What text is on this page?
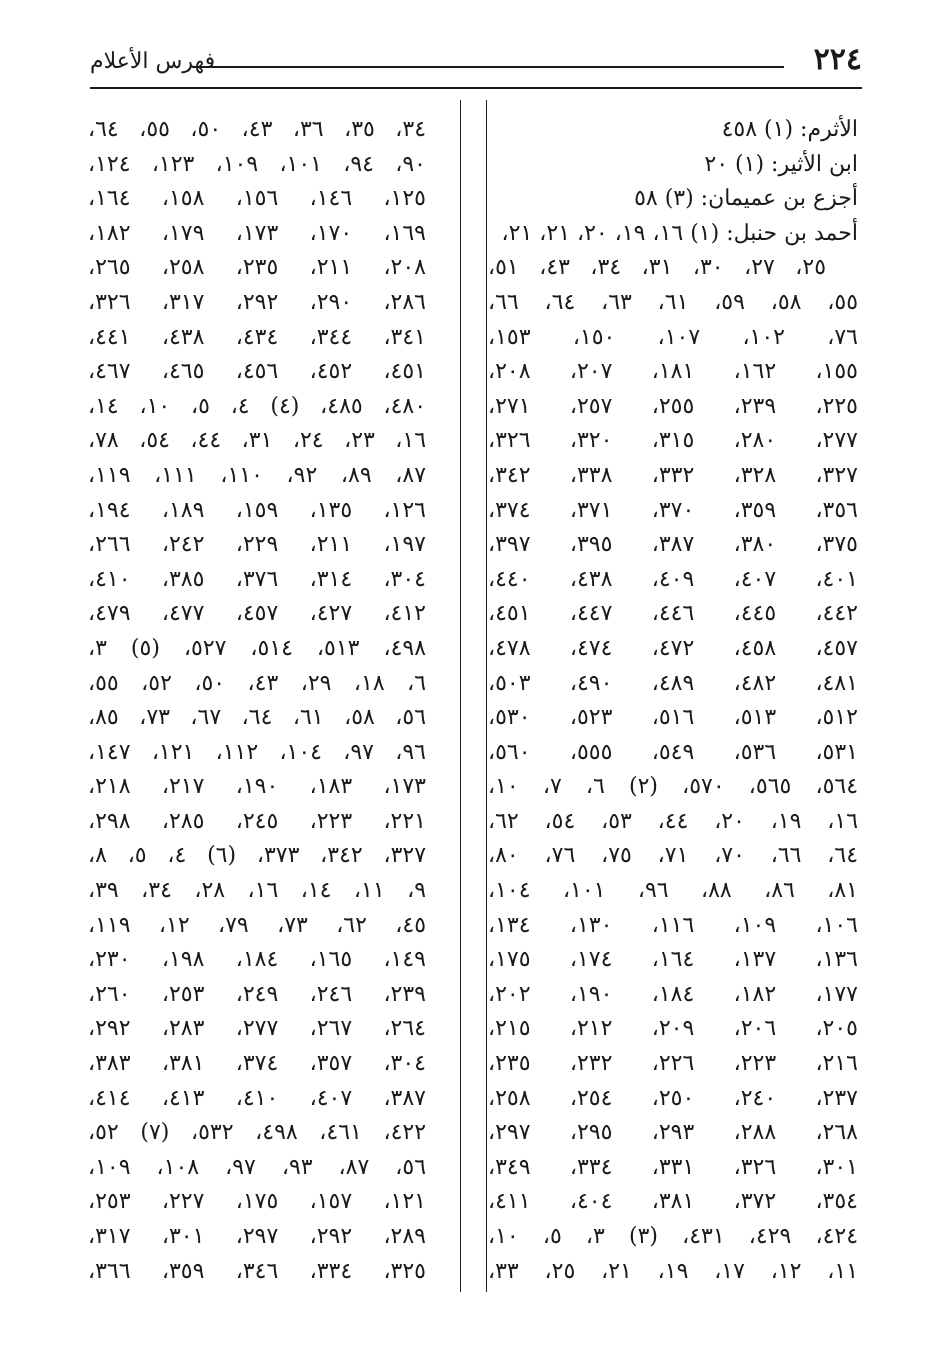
٢٢٤
فهرس الأعلام
الأثرم: (١) ٤٥٨
ابن الأثير: (١) ٢٠
أجزع بن عميمان: (٣) ٥٨
أحمد بن حنبل: (١) ١٦، ١٩، ٢٠، ٢١، ٢١،
٢٥، ٢٧، ٣٠، ٣١، ٣٤، ٤٣، ٥١،
٥٥، ٥٨، ٥٩، ٦١، ٦٣، ٦٤، ٦٦،
٧٦، ١٠٢، ١٠٧، ١٥٠، ١٥٣،
١٥٥، ١٦٢، ١٨١، ٢٠٧، ٢٠٨،
٢٢٥، ٢٣٩، ٢٥٥، ٢٥٧، ٢٧١،
٢٧٧، ٢٨٠، ٣١٥، ٣٢٠، ٣٢٦،
٣٢٧، ٣٢٨، ٣٣٢، ٣٣٨، ٣٤٢،
٣٥٦، ٣٥٩، ٣٧٠، ٣٧١، ٣٧٤،
٣٧٥، ٣٨٠، ٣٨٧، ٣٩٥، ٣٩٧،
٤٠١، ٤٠٧، ٤٠٩، ٤٣٨، ٤٤٠،
٤٤٢، ٤٤٥، ٤٤٦، ٤٤٧، ٤٥١،
٤٥٧، ٤٥٨، ٤٧٢، ٤٧٤، ٤٧٨،
٤٨١، ٤٨٢، ٤٨٩، ٤٩٠، ٥٠٣،
٥١٢، ٥١٣، ٥١٦، ٥٢٣، ٥٣٠،
٥٣١، ٥٣٦، ٥٤٩، ٥٥٥، ٥٦٠،
٥٦٤، ٥٦٥، ٥٧٠، (٢) ٦، ٧، ١٠،
١٦، ١٩، ٢٠، ٤٤، ٥٣، ٥٤، ٦٢،
٦٤، ٦٦، ٧٠، ٧١، ٧٥، ٧٦، ٨٠،
٨١، ٨٦، ٨٨، ٩٦، ١٠١، ١٠٤،
١٠٦، ١٠٩، ١١٦، ١٣٠، ١٣٤،
١٣٦، ١٣٧، ١٦٤، ١٧٤، ١٧٥،
١٧٧، ١٨٢، ١٨٤، ١٩٠، ٢٠٢،
٢٠٥، ٢٠٦، ٢٠٩، ٢١٢، ٢١٥،
٢١٦، ٢٢٣، ٢٢٦، ٢٣٢، ٢٣٥،
٢٣٧، ٢٤٠، ٢٥٠، ٢٥٤، ٢٥٨،
٢٦٨، ٢٨٨، ٢٩٣، ٢٩٥، ٢٩٧،
٣٠١، ٣٢٦، ٣٣١، ٣٣٤، ٣٤٩،
٣٥٤، ٣٧٢، ٣٨١، ٤٠٤، ٤١١،
٤٢٤، ٤٢٩، ٤٣١، (٣) ٣، ٥، ١٠،
١١، ١٢، ١٧، ١٩، ٢١، ٢٥، ٣٣،
٣٤، ٣٥، ٣٦، ٤٣، ٥٠، ٥٥، ٦٤،
٩٠، ٩٤، ١٠١، ١٠٩، ١٢٣، ١٢٤،
١٢٥، ١٤٦، ١٥٦، ١٥٨، ١٦٤،
١٦٩، ١٧٠، ١٧٣، ١٧٩، ١٨٢،
٢٠٨، ٢١١، ٢٣٥، ٢٥٨، ٢٦٥،
٢٨٦، ٢٩٠، ٢٩٢، ٣١٧، ٣٢٦،
٣٤١، ٣٤٤، ٤٣٤، ٤٣٨، ٤٤١،
٤٥١، ٤٥٢، ٤٥٦، ٤٦٥، ٤٦٧،
٤٨٠، ٤٨٥، (٤) ٤، ٥، ١٠، ١٤،
١٦، ٢٣، ٢٤، ٣١، ٤٤، ٥٤، ٧٨،
٨٧، ٨٩، ٩٢، ١١٠، ١١١، ١١٩،
١٢٦، ١٣٥، ١٥٩، ١٨٩، ١٩٤،
١٩٧، ٢١١، ٢٢٩، ٢٤٢، ٢٦٦،
٣٠٤، ٣١٤، ٣٧٦، ٣٨٥، ٤١٠،
٤١٢، ٤٢٧، ٤٥٧، ٤٧٧، ٤٧٩،
٤٩٨، ٥١٣، ٥١٤، ٥٢٧، (٥) ٣،
٦، ١٨، ٢٩، ٤٣، ٥٠، ٥٢، ٥٥،
٥٦، ٥٨، ٦١، ٦٤، ٦٧، ٧٣، ٨٥،
٩٦، ٩٧، ١٠٤، ١١٢، ١٢١، ١٤٧،
١٧٣، ١٨٣، ١٩٠، ٢١٧، ٢١٨،
٢٢١، ٢٢٣، ٢٤٥، ٢٨٥، ٢٩٨،
٣٢٧، ٣٤٢، ٣٧٣، (٦) ٤، ٥، ٨،
٩، ١١، ١٤، ١٦، ٢٨، ٣٤، ٣٩،
٤٥، ٦٢، ٧٣، ٧٩، ١٢، ١١٩،
١٤٩، ١٦٥، ١٨٤، ١٩٨، ٢٣٠،
٢٣٩، ٢٤٦، ٢٤٩، ٢٥٣، ٢٦٠،
٢٦٤، ٢٦٧، ٢٧٧، ٢٨٣، ٢٩٢،
٣٠٤، ٣٥٧، ٣٧٤، ٣٨١، ٣٨٣،
٣٨٧، ٤٠٧، ٤١٠، ٤١٣، ٤١٤،
٤٢٢، ٤٦١، ٤٩٨، ٥٣٢، (٧) ٥٢،
٥٦، ٨٧، ٩٣، ٩٧، ١٠٨، ١٠٩،
١٢١، ١٥٧، ١٧٥، ٢٢٧، ٢٥٣،
٢٨٩، ٢٩٢، ٢٩٧، ٣٠١، ٣١٧،
٣٢٥، ٣٣٤، ٣٤٦، ٣٥٩، ٣٦٦،
